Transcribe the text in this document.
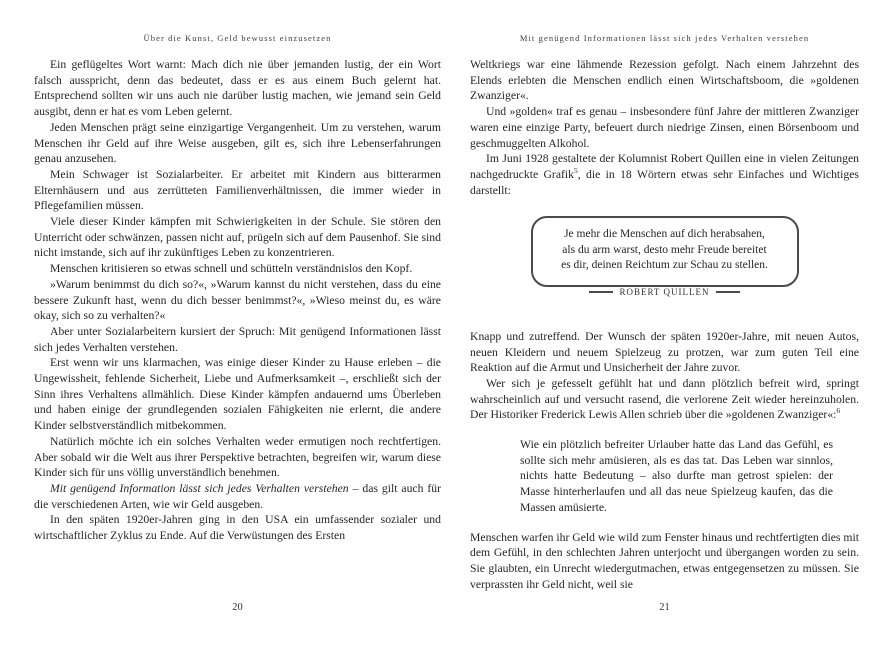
Über die Kunst, Geld bewusst einzusetzen

Ein geflügeltes Wort warnt: Mach dich nie über jemanden lustig, der ein Wort falsch ausspricht, denn das bedeutet, dass er es aus einem Buch gelernt hat. Entsprechend sollten wir uns auch nie darüber lustig machen, wie jemand sein Geld ausgibt, denn er hat es vom Leben gelernt.

Jeden Menschen prägt seine einzigartige Vergangenheit. Um zu verstehen, warum Menschen ihr Geld auf ihre Weise ausgeben, gilt es, sich ihre Lebenserfahrungen genau anzusehen.

Mein Schwager ist Sozialarbeiter. Er arbeitet mit Kindern aus bitterarmen Elternhäusern und aus zerrütteten Familienverhältnissen, die immer wieder in Pflegefamilien müssen.

Viele dieser Kinder kämpfen mit Schwierigkeiten in der Schule. Sie stören den Unterricht oder schwänzen, passen nicht auf, prügeln sich auf dem Pausenhof. Sie sind nicht imstande, sich auf ihr zukünftiges Leben zu konzentrieren.

Menschen kritisieren so etwas schnell und schütteln verständnislos den Kopf.

»Warum benimmst du dich so?«, »Warum kannst du nicht verstehen, dass du eine bessere Zukunft hast, wenn du dich besser benimmst?«, »Wieso meinst du, es wäre okay, sich so zu verhalten?«

Aber unter Sozialarbeitern kursiert der Spruch: Mit genügend Informationen lässt sich jedes Verhalten verstehen.

Erst wenn wir uns klarmachen, was einige dieser Kinder zu Hause erleben – die Ungewissheit, fehlende Sicherheit, Liebe und Aufmerksamkeit –, erschließt sich der Sinn ihres Verhaltens allmählich. Diese Kinder kämpfen andauernd ums Überleben und haben einige der grundlegenden sozialen Fähigkeiten nie erlernt, die andere Kinder selbstverständlich mitbekommen.

Natürlich möchte ich ein solches Verhalten weder ermutigen noch rechtfertigen. Aber sobald wir die Welt aus ihrer Perspektive betrachten, begreifen wir, warum diese Kinder sich für uns völlig unverständlich benehmen.

Mit genügend Information lässt sich jedes Verhalten verstehen – das gilt auch für die verschiedenen Arten, wie wir Geld ausgeben.

In den späten 1920er-Jahren ging in den USA ein umfassender sozialer und wirtschaftlicher Zyklus zu Ende. Auf die Verwüstungen des Ersten

20
Mit genügend Informationen lässt sich jedes Verhalten verstehen

Weltkriegs war eine lähmende Rezession gefolgt. Nach einem Jahrzehnt des Elends erlebten die Menschen endlich einen Wirtschaftsboom, die »goldenen Zwanziger«.

Und »golden« traf es genau – insbesondere fünf Jahre der mittleren Zwanziger waren eine einzige Party, befeuert durch niedrige Zinsen, einen Börsenboom und geschmuggelten Alkohol.

Im Juni 1928 gestaltete der Kolumnist Robert Quillen eine in vielen Zeitungen nachgedruckte Grafik$^5$, die in 18 Wörtern etwas sehr Einfaches und Wichtiges darstellt:

Je mehr die Menschen auf dich herabsahen,
als du arm warst, desto mehr Freude bereitet
es dir, deinen Reichtum zur Schau zu stellen.
ROBERT QUILLEN

Knapp und zutreffend. Der Wunsch der späten 1920er-Jahre, mit neuen Autos, neuen Kleidern und neuem Spielzeug zu protzen, war zum guten Teil eine Reaktion auf die Armut und Unsicherheit der Jahre zuvor.

Wer sich je gefesselt gefühlt hat und dann plötzlich befreit wird, springt wahrscheinlich auf und versucht rasend, die verlorene Zeit wieder hereinzuholen. Der Historiker Frederick Lewis Allen schrieb über die »goldenen Zwanziger«:$^6$

Wie ein plötzlich befreiter Urlauber hatte das Land das Gefühl, es sollte sich mehr amüsieren, als es das tat. Das Leben war sinnlos, nichts hatte Bedeutung – also durfte man getrost spielen: der Masse hinterherlaufen und all das neue Spielzeug kaufen, das die Massen amüsierte.

Menschen warfen ihr Geld wie wild zum Fenster hinaus und rechtfertigten dies mit dem Gefühl, in den schlechten Jahren unterjocht und übergangen worden zu sein. Sie glaubten, ein Unrecht wiedergutmachen, etwas entgegensetzen zu müssen. Sie verprassten ihr Geld nicht, weil sie

21
